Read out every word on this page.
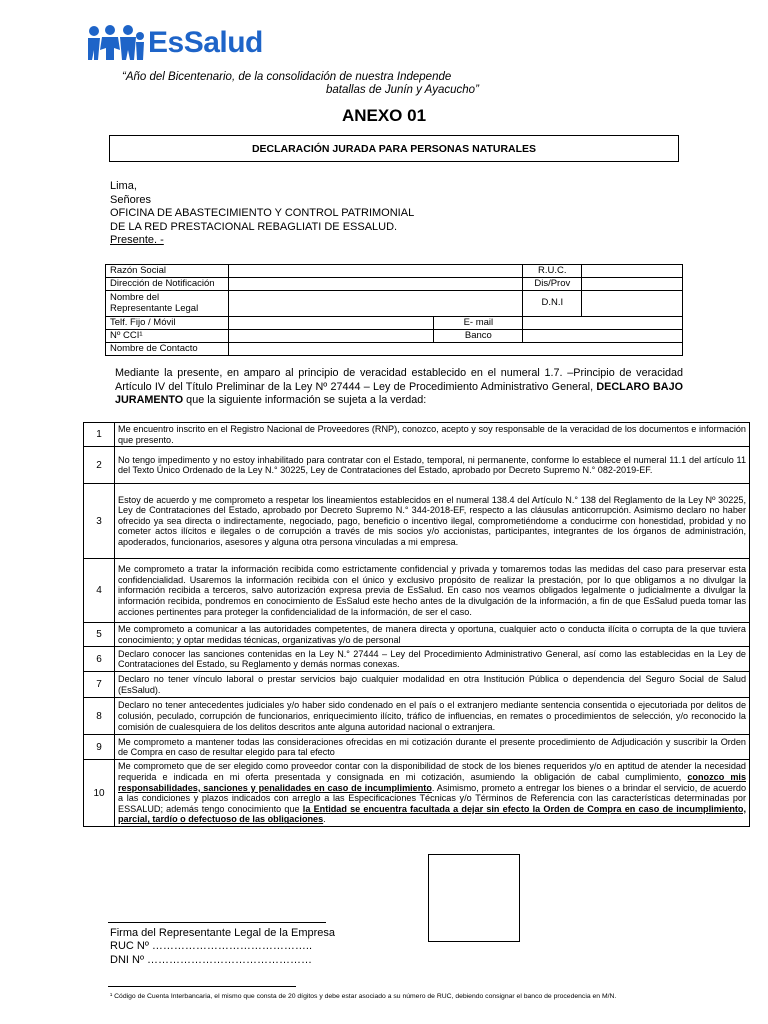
EsSalud
“Año del Bicentenario, de la consolidación de nuestra Independe
batallas de Junín y Ayacucho”
ANEXO 01
DECLARACIÓN JURADA PARA PERSONAS NATURALES
Lima,
Señores
OFICINA DE ABASTECIMIENTO Y CONTROL PATRIMONIAL
DE LA RED PRESTACIONAL REBAGLIATI DE ESSALUD.
Presente. -
Razón Social			R.U.C.	
Dirección de Notificación			Dis/Prov	
Nombre del Representante Legal			D.N.I	
Telf. Fijo / Móvil		E- mail		
Nº CCI¹		Banco		
Nombre de Contacto				
Mediante la presente, en amparo al principio de veracidad establecido en el numeral 1.7. –Principio de veracidad Artículo IV del Título Preliminar de la Ley Nº 27444 – Ley de Procedimiento Administrativo General, DECLARO BAJO JURAMENTO que la siguiente información se sujeta a la verdad:
1	Me encuentro inscrito en el Registro Nacional de Proveedores (RNP), conozco, acepto y soy responsable de la veracidad de los documentos e información que presento.
2	No tengo impedimento y no estoy inhabilitado para contratar con el Estado, temporal, ni permanente, conforme lo establece el numeral 11.1 del artículo 11 del Texto Único Ordenado de la Ley N.° 30225, Ley de Contrataciones del Estado, aprobado por Decreto Supremo N.° 082-2019-EF.
3	Estoy de acuerdo y me comprometo a respetar los lineamientos establecidos en el numeral 138.4 del Artículo N.° 138 del Reglamento de la Ley Nº 30225, Ley de Contrataciones del Estado, aprobado por Decreto Supremo N.° 344-2018-EF, respecto a las cláusulas anticorrupción. Asimismo declaro no haber ofrecido ya sea directa o indirectamente, negociado, pago, beneficio o incentivo ilegal, comprometiéndome a conducirme con honestidad, probidad y no cometer actos ilícitos e ilegales o de corrupción a través de mis socios y/o accionistas, participantes, integrantes de los órganos de administración, apoderados, funcionarios, asesores y alguna otra persona vinculadas a mi empresa.
4	Me comprometo a tratar la información recibida como estrictamente confidencial y privada y tomaremos todas las medidas del caso para preservar esta confidencialidad. Usaremos la información recibida con el único y exclusivo propósito de realizar la prestación, por lo que obligamos a no divulgar la información recibida a terceros, salvo autorización expresa previa de EsSalud. En caso nos veamos obligados legalmente o judicialmente a divulgar la información recibida, pondremos en conocimiento de EsSalud este hecho antes de la divulgación de la información, a fin de que EsSalud pueda tomar las acciones pertinentes para proteger la confidencialidad de la información, de ser el caso.
5	Me comprometo a comunicar a las autoridades competentes, de manera directa y oportuna, cualquier acto o conducta ilícita o corrupta de la que tuviera conocimiento; y optar medidas técnicas, organizativas y/o de personal
6	Declaro conocer las sanciones contenidas en la Ley N.° 27444 – Ley del Procedimiento Administrativo General, así como las establecidas en la Ley de Contrataciones del Estado, su Reglamento y demás normas conexas.
7	Declaro no tener vínculo laboral o prestar servicios bajo cualquier modalidad en otra Institución Pública o dependencia del Seguro Social de Salud (EsSalud).
8	Declaro no tener antecedentes judiciales y/o haber sido condenado en el país o el extranjero mediante sentencia consentida o ejecutoriada por delitos de colusión, peculado, corrupción de funcionarios, enriquecimiento ilícito, tráfico de influencias, en remates o procedimientos de selección, y/o reconocido la comisión de cualesquiera de los delitos descritos ante alguna autoridad nacional o extranjera.
9	Me comprometo a mantener todas las consideraciones ofrecidas en mi cotización durante el presente procedimiento de Adjudicación y suscribir la Orden de Compra en caso de resultar elegido para tal efecto
10	Me comprometo que de ser elegido como proveedor contar con la disponibilidad de stock de los bienes requeridos y/o en aptitud de atender la necesidad requerida e indicada en mi oferta presentada y consignada en mi cotización, asumiendo la obligación de cabal cumplimiento, conozco mis responsabilidades, sanciones y penalidades en caso de incumplimiento. Asimismo, prometo a entregar los bienes o a brindar el servicio, de acuerdo a las condiciones y plazos indicados con arreglo a las Especificaciones Técnicas y/o Términos de Referencia con las características determinadas por ESSALUD; además tengo conocimiento que la Entidad se encuentra facultada a dejar sin efecto la Orden de Compra en caso de incumplimiento, parcial, tardío o defectuoso de las obligaciones.
Firma del Representante Legal de la Empresa
RUC Nº ……………………………………..
DNI Nº ………………………………………
¹ Código de Cuenta Interbancaria, el mismo que consta de 20 dígitos y debe estar asociado a su número de RUC, debiendo consignar el banco de procedencia en M/N.
